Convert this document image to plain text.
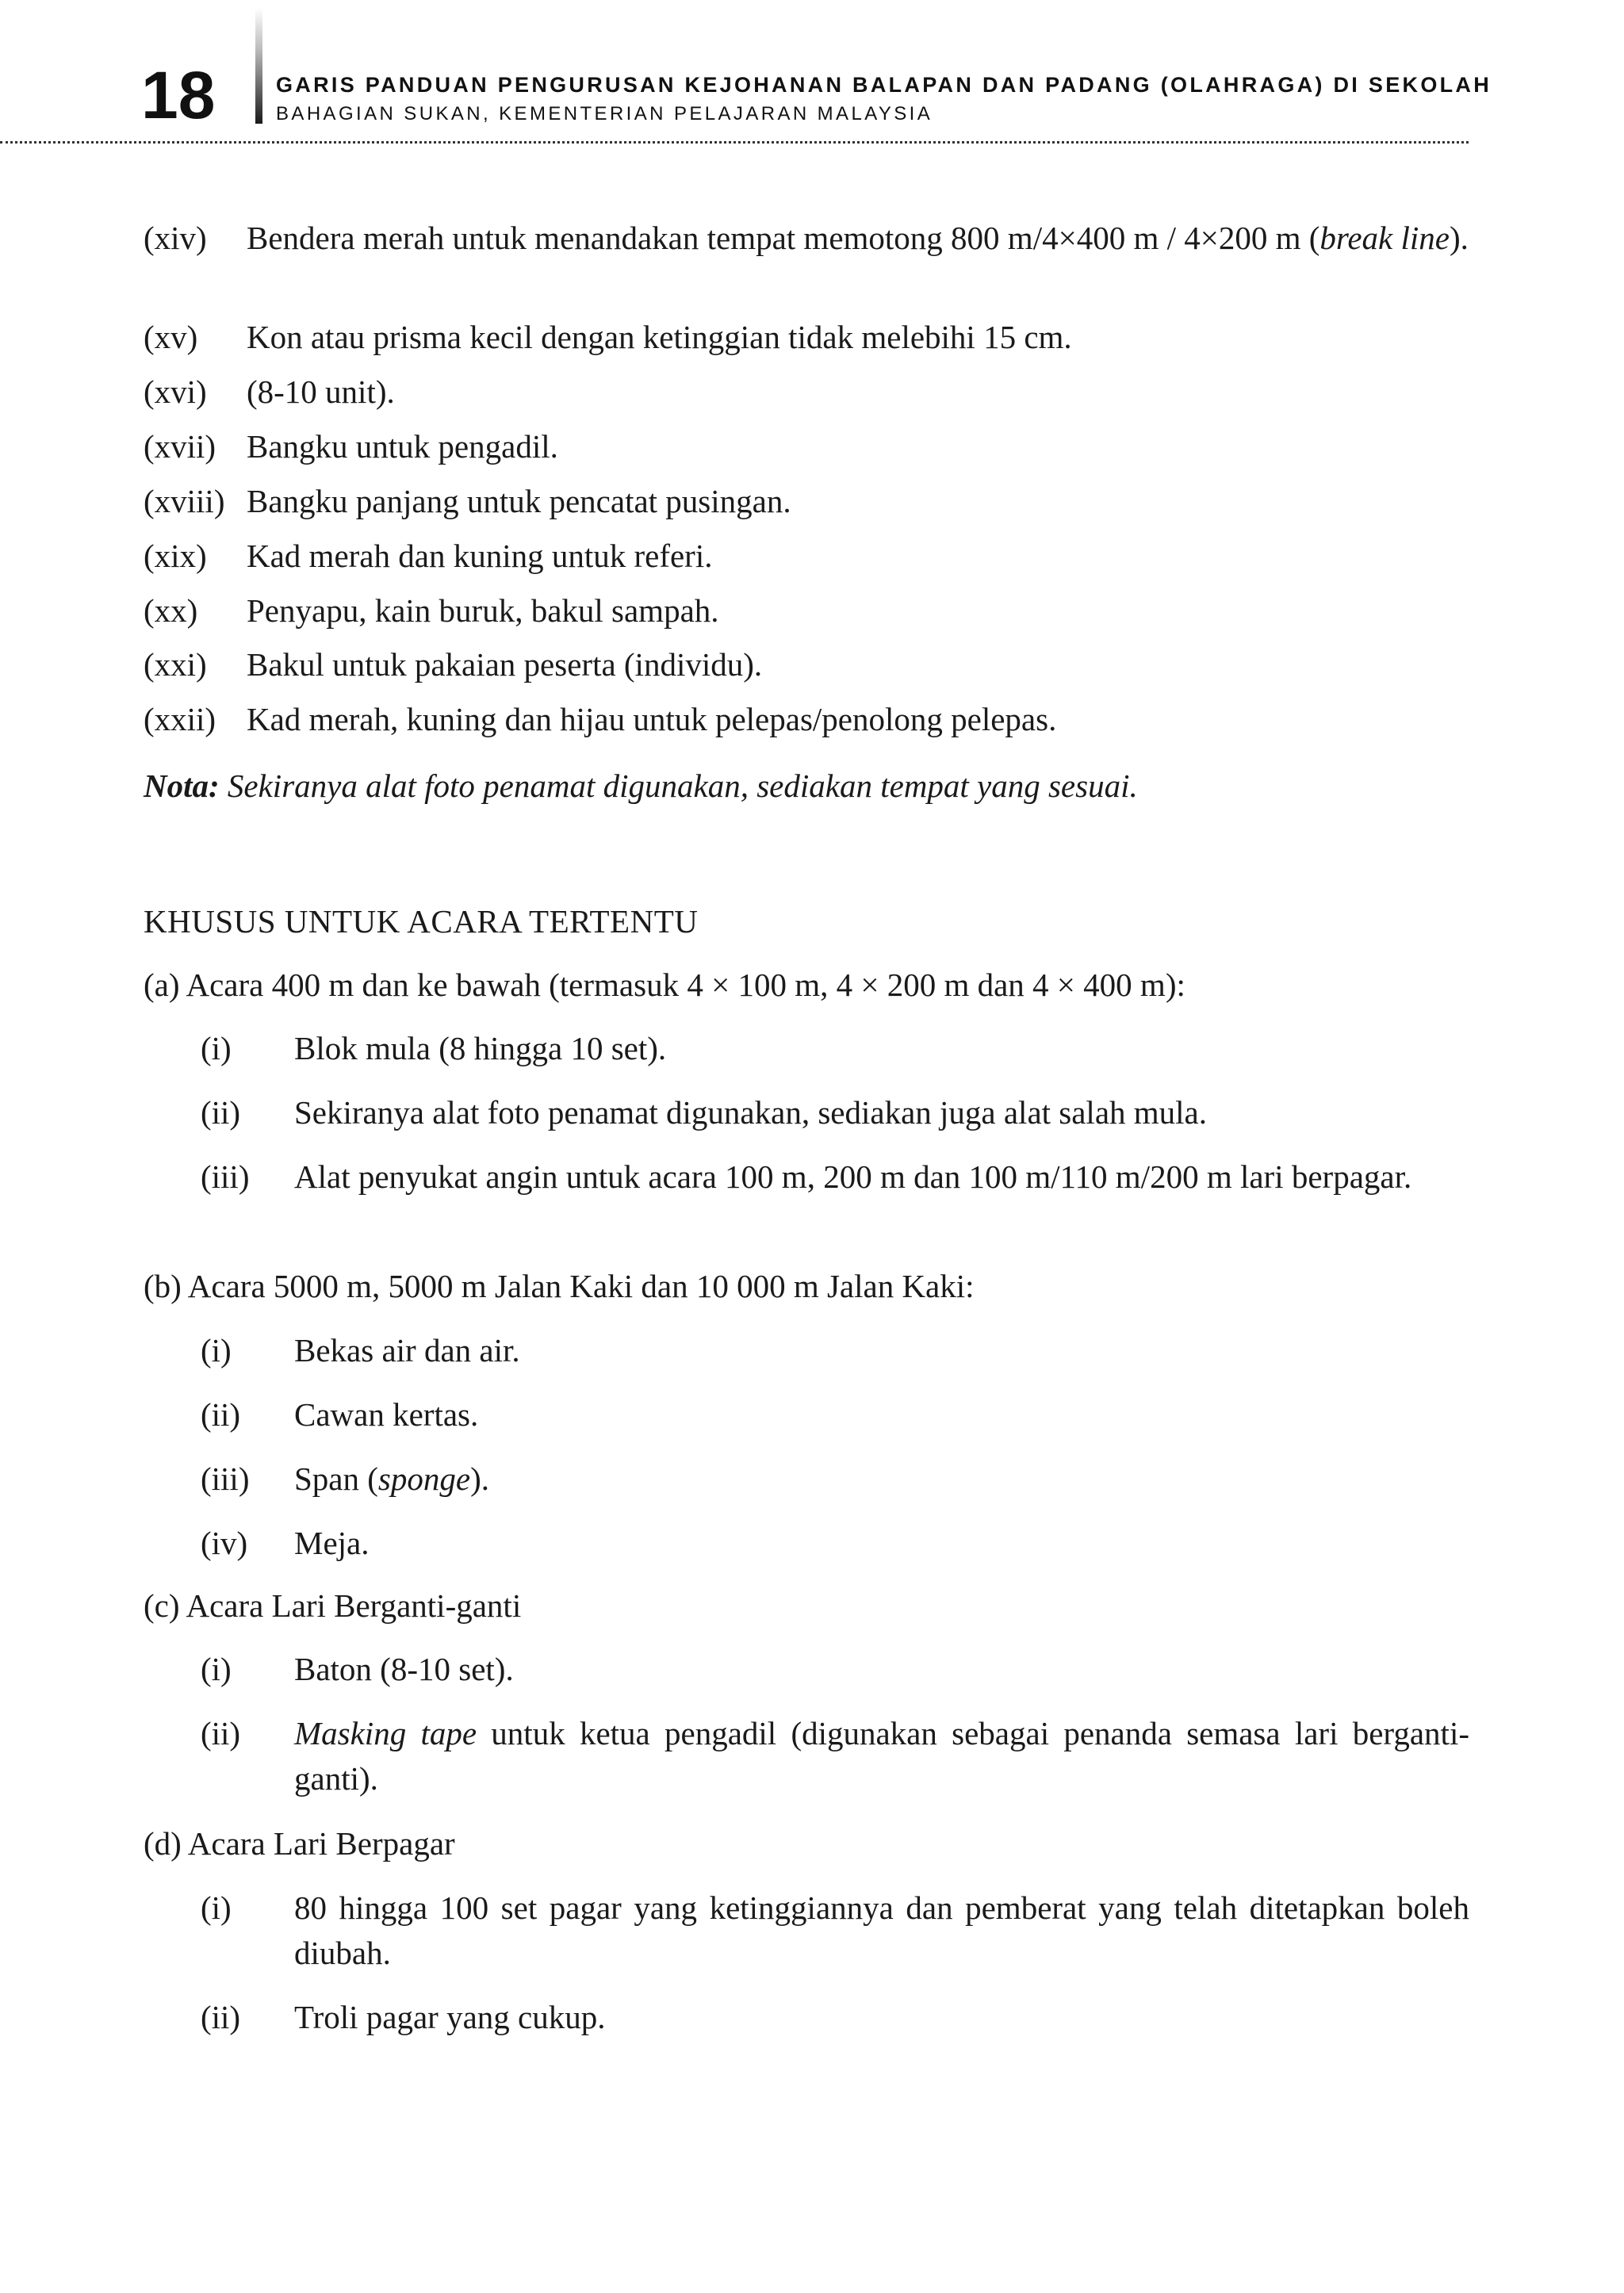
18	GARIS PANDUAN PENGURUSAN KEJOHANAN BALAPAN DAN PADANG (OLAHRAGA) DI SEKOLAH
BAHAGIAN SUKAN, KEMENTERIAN PELAJARAN MALAYSIA
(xiv) Bendera merah untuk menandakan tempat memotong 800 m/4×400 m / 4×200 m (break line).
(xv) Kon atau prisma kecil dengan ketinggian tidak melebihi 15 cm.
(xvi) (8-10 unit).
(xvii) Bangku untuk pengadil.
(xviii) Bangku panjang untuk pencatat pusingan.
(xix) Kad merah dan kuning untuk referi.
(xx) Penyapu, kain buruk, bakul sampah.
(xxi) Bakul untuk pakaian peserta (individu).
(xxii) Kad merah, kuning dan hijau untuk pelepas/penolong pelepas.
Nota: Sekiranya alat foto penamat digunakan, sediakan tempat yang sesuai.
KHUSUS UNTUK ACARA TERTENTU
(a) Acara 400 m dan ke bawah (termasuk 4 × 100 m, 4 × 200 m dan 4 × 400 m):
(i) Blok mula (8 hingga 10 set).
(ii) Sekiranya alat foto penamat digunakan, sediakan juga alat salah mula.
(iii) Alat penyukat angin untuk acara 100 m, 200 m dan 100 m/110 m/200 m lari berpagar.
(b) Acara 5000 m, 5000 m Jalan Kaki dan 10 000 m Jalan Kaki:
(i) Bekas air dan air.
(ii) Cawan kertas.
(iii) Span (sponge).
(iv) Meja.
(c) Acara Lari Berganti-ganti
(i) Baton (8-10 set).
(ii) Masking tape untuk ketua pengadil (digunakan sebagai penanda semasa lari berganti-ganti).
(d) Acara Lari Berpagar
(i) 80 hingga 100 set pagar yang ketinggiannya dan pemberat yang telah ditetapkan boleh diubah.
(ii) Troli pagar yang cukup.
